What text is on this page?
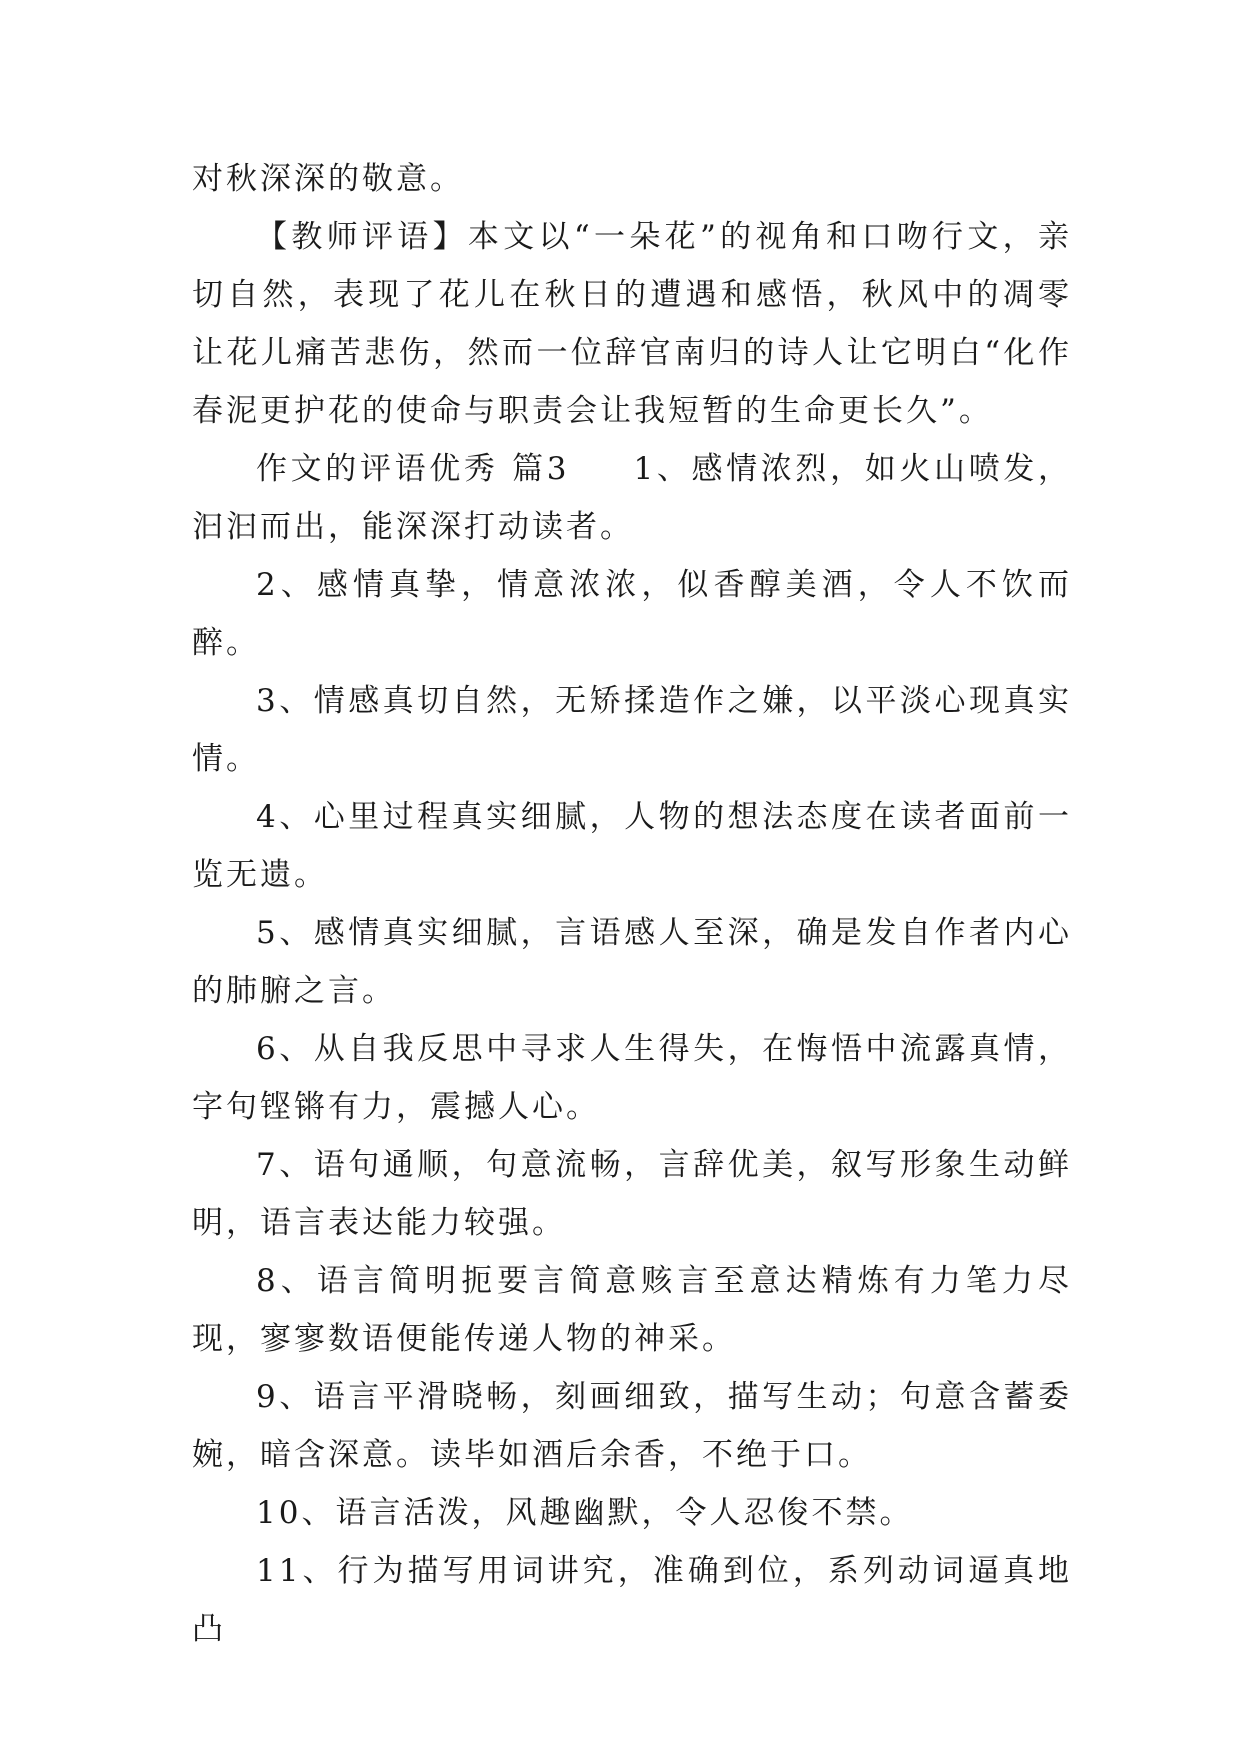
对秋深深的敬意。

【教师评语】本文以“一朵花”的视角和口吻行文，亲切自然，表现了花儿在秋日的遭遇和感悟，秋风中的凋零让花儿痛苦悲伤，然而一位辞官南归的诗人让它明白“化作春泥更护花的使命与职责会让我短暂的生命更长久”。

作文的评语优秀 篇3 1、感情浓烈，如火山喷发，汩汩而出，能深深打动读者。

2、感情真挚，情意浓浓，似香醇美酒，令人不饮而醉。

3、情感真切自然，无矫揉造作之嫌，以平淡心现真实情。

4、心里过程真实细腻，人物的想法态度在读者面前一览无遗。

5、感情真实细腻，言语感人至深，确是发自作者内心的肺腑之言。

6、从自我反思中寻求人生得失，在悔悟中流露真情，字句铿锵有力，震撼人心。

7、语句通顺，句意流畅，言辞优美，叙写形象生动鲜明，语言表达能力较强。

8、语言简明扼要言简意赅言至意达精炼有力笔力尽现，寥寥数语便能传递人物的神采。

9、语言平滑晓畅，刻画细致，描写生动；句意含蓄委婉，暗含深意。读毕如酒后余香，不绝于口。

10、语言活泼，风趣幽默，令人忍俊不禁。

11、行为描写用词讲究，准确到位，系列动词逼真地凸
